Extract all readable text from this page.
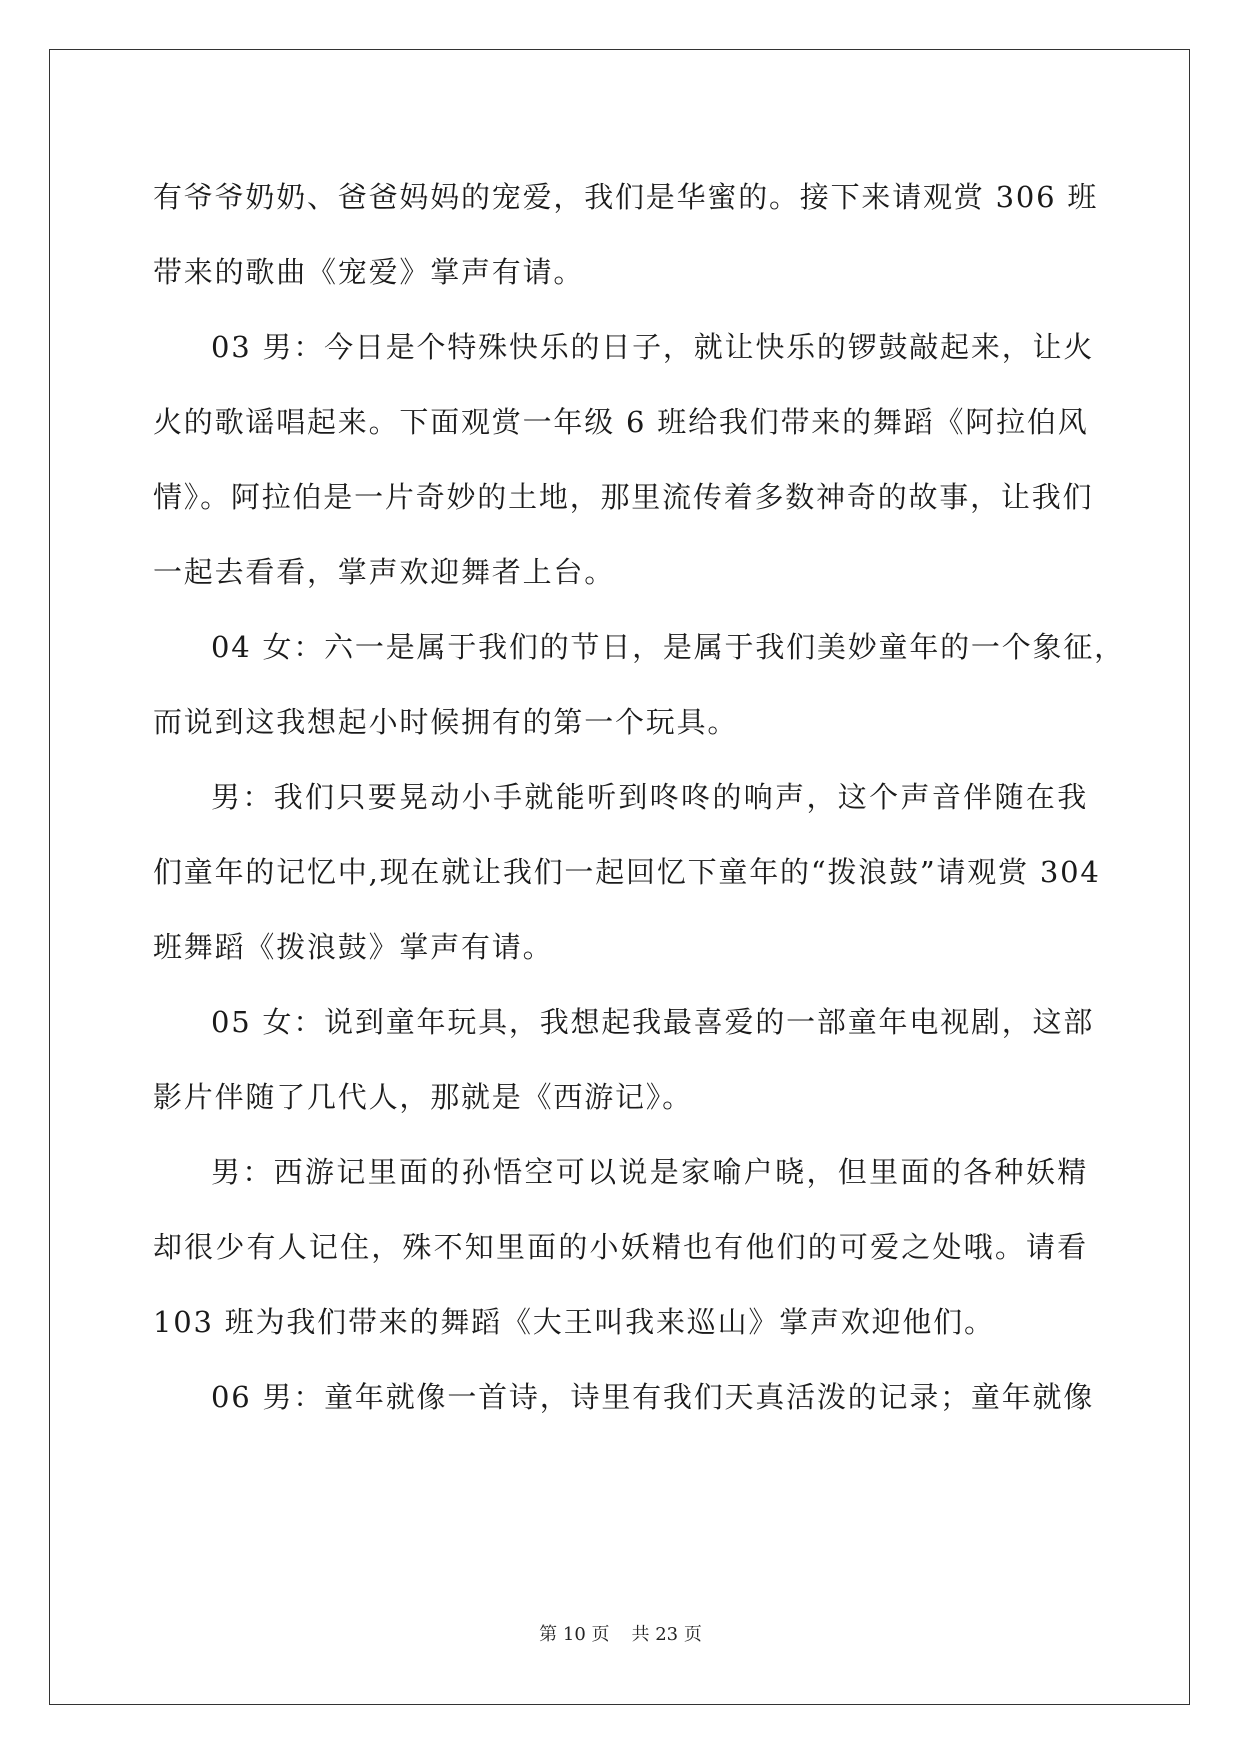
有爷爷奶奶、爸爸妈妈的宠爱，我们是华蜜的。接下来请观赏 306 班
带来的歌曲《宠爱》掌声有请。
03 男：今日是个特殊快乐的日子，就让快乐的锣鼓敲起来，让火
火的歌谣唱起来。下面观赏一年级 6 班给我们带来的舞蹈《阿拉伯风
情》。阿拉伯是一片奇妙的土地，那里流传着多数神奇的故事，让我们
一起去看看，掌声欢迎舞者上台。
04 女：六一是属于我们的节日，是属于我们美妙童年的一个象征，
而说到这我想起小时候拥有的第一个玩具。
男：我们只要晃动小手就能听到咚咚的响声，这个声音伴随在我
们童年的记忆中,现在就让我们一起回忆下童年的“拨浪鼓”请观赏 304
班舞蹈《拨浪鼓》掌声有请。
05 女：说到童年玩具，我想起我最喜爱的一部童年电视剧，这部
影片伴随了几代人，那就是《西游记》。
男：西游记里面的孙悟空可以说是家喻户晓，但里面的各种妖精
却很少有人记住，殊不知里面的小妖精也有他们的可爱之处哦。请看
103 班为我们带来的舞蹈《大王叫我来巡山》掌声欢迎他们。
06 男：童年就像一首诗，诗里有我们天真活泼的记录；童年就像
第 10 页 共 23 页
